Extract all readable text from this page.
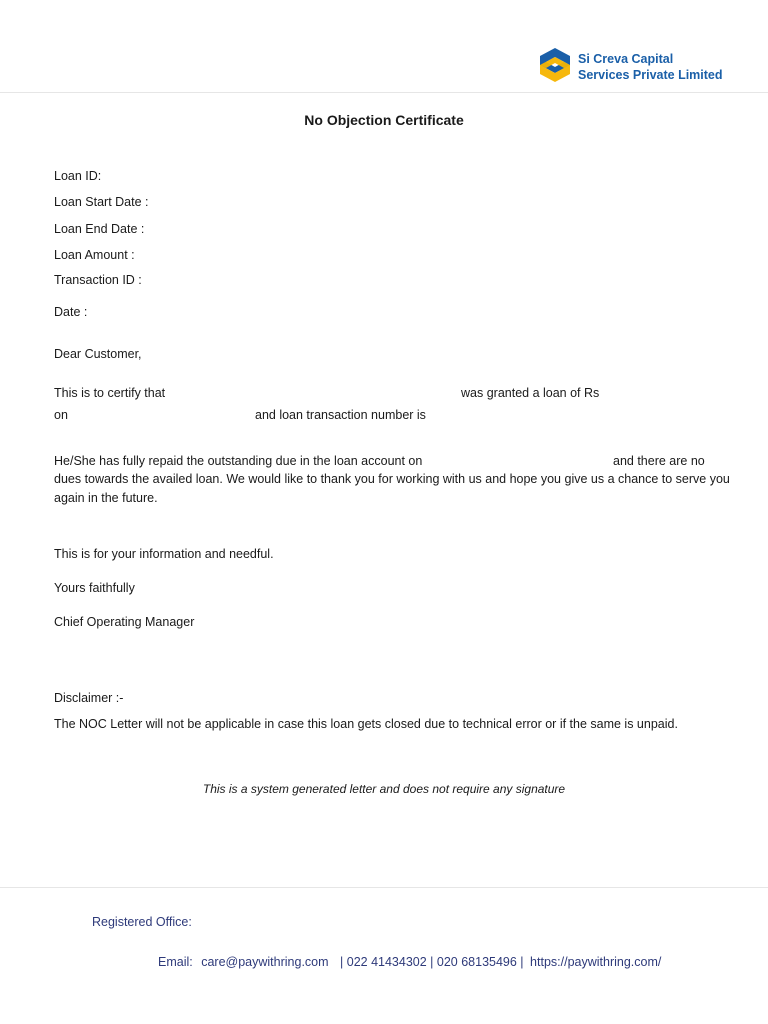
Si Creva Capital
Services Private Limited
No Objection Certificate
Loan ID:
Loan Start Date :
Loan End Date :
Loan Amount :
Transaction ID :
Date :
Dear Customer,
This is to certify that	was granted a loan of Rs
on	and loan transaction number is
He/She has fully repaid the outstanding due in the loan account on	and there are no
dues towards the availed loan. We would like to thank you for working with us and hope you give us a chance to serve you
again in the future.
This is for your information and needful.
Yours faithfully
Chief Operating Manager
Disclaimer :-
The NOC Letter will not be applicable in case this loan gets closed due to technical error or if the same is unpaid.
This is a system generated letter and does not require any signature
Registered Office:
Email: care@paywithring.com | 022 41434302 | 020 68135496 | https://paywithring.com/
